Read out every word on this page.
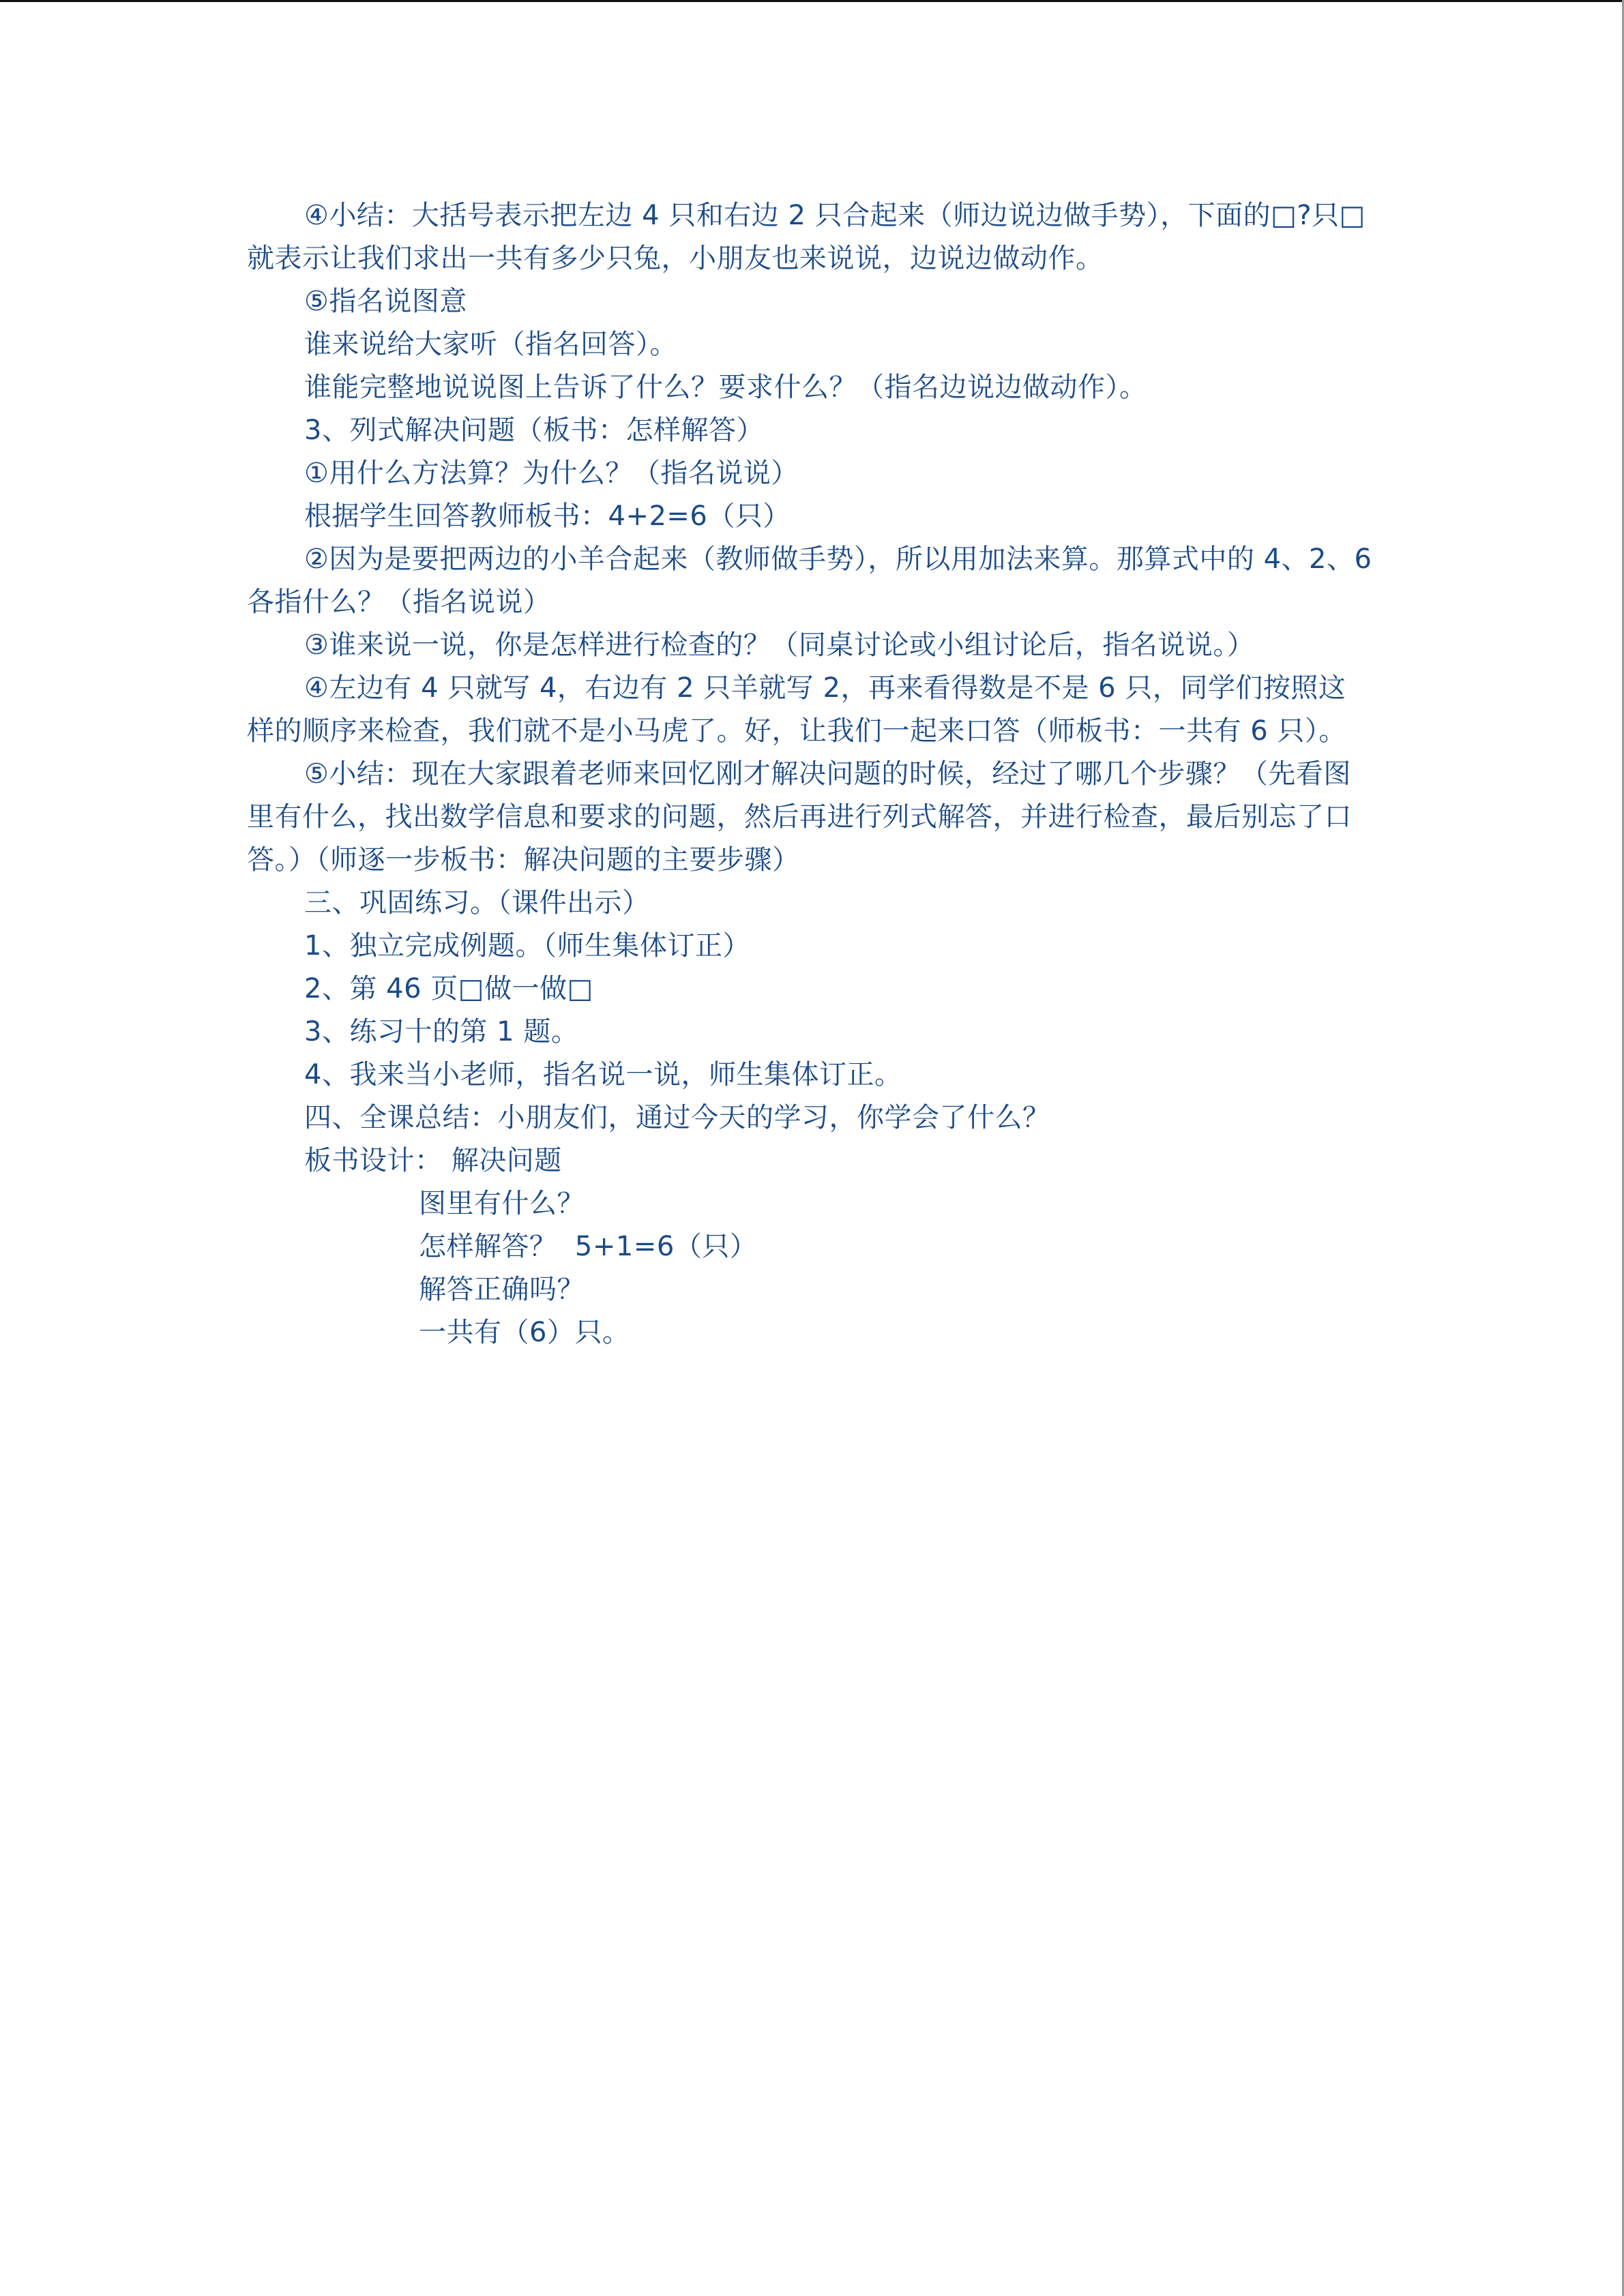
④小结：大括号表示把左边 4 只和右边 2 只合起来（师边说边做手势），下面的□?只□就表示让我们求出一共有多少只兔，小朋友也来说说，边说边做动作。

⑤指名说图意

谁来说给大家听（指名回答）。

谁能完整地说说图上告诉了什么？要求什么？（指名边说边做动作）。

3、列式解决问题（板书：怎样解答）

①用什么方法算？为什么？（指名说说）

根据学生回答教师板书：4+2=6（只）

②因为是要把两边的小羊合起来（教师做手势），所以用加法来算。那算式中的 4、2、6 各指什么？（指名说说）

③谁来说一说，你是怎样进行检查的？（同桌讨论或小组讨论后，指名说说。）

④左边有 4 只就写 4，右边有 2 只羊就写 2，再来看得数是不是 6 只，同学们按照这样的顺序来检查，我们就不是小马虎了。好，让我们一起来口答（师板书：一共有 6 只）。

⑤小结：现在大家跟着老师来回忆刚才解决问题的时候，经过了哪几个步骤？（先看图里有什么，找出数学信息和要求的问题，然后再进行列式解答，并进行检查，最后别忘了口答。）（师逐一步板书：解决问题的主要步骤）

三、巩固练习。（课件出示）

1、独立完成例题。（师生集体订正）

2、第 46 页□做一做□

3、练习十的第 1 题。

4、我来当小老师，指名说一说，师生集体订正。

四、全课总结：小朋友们，通过今天的学习，你学会了什么？

板书设计： 解决问题

图里有什么？

怎样解答？  5+1=6（只）

解答正确吗？

一共有（6）只。
